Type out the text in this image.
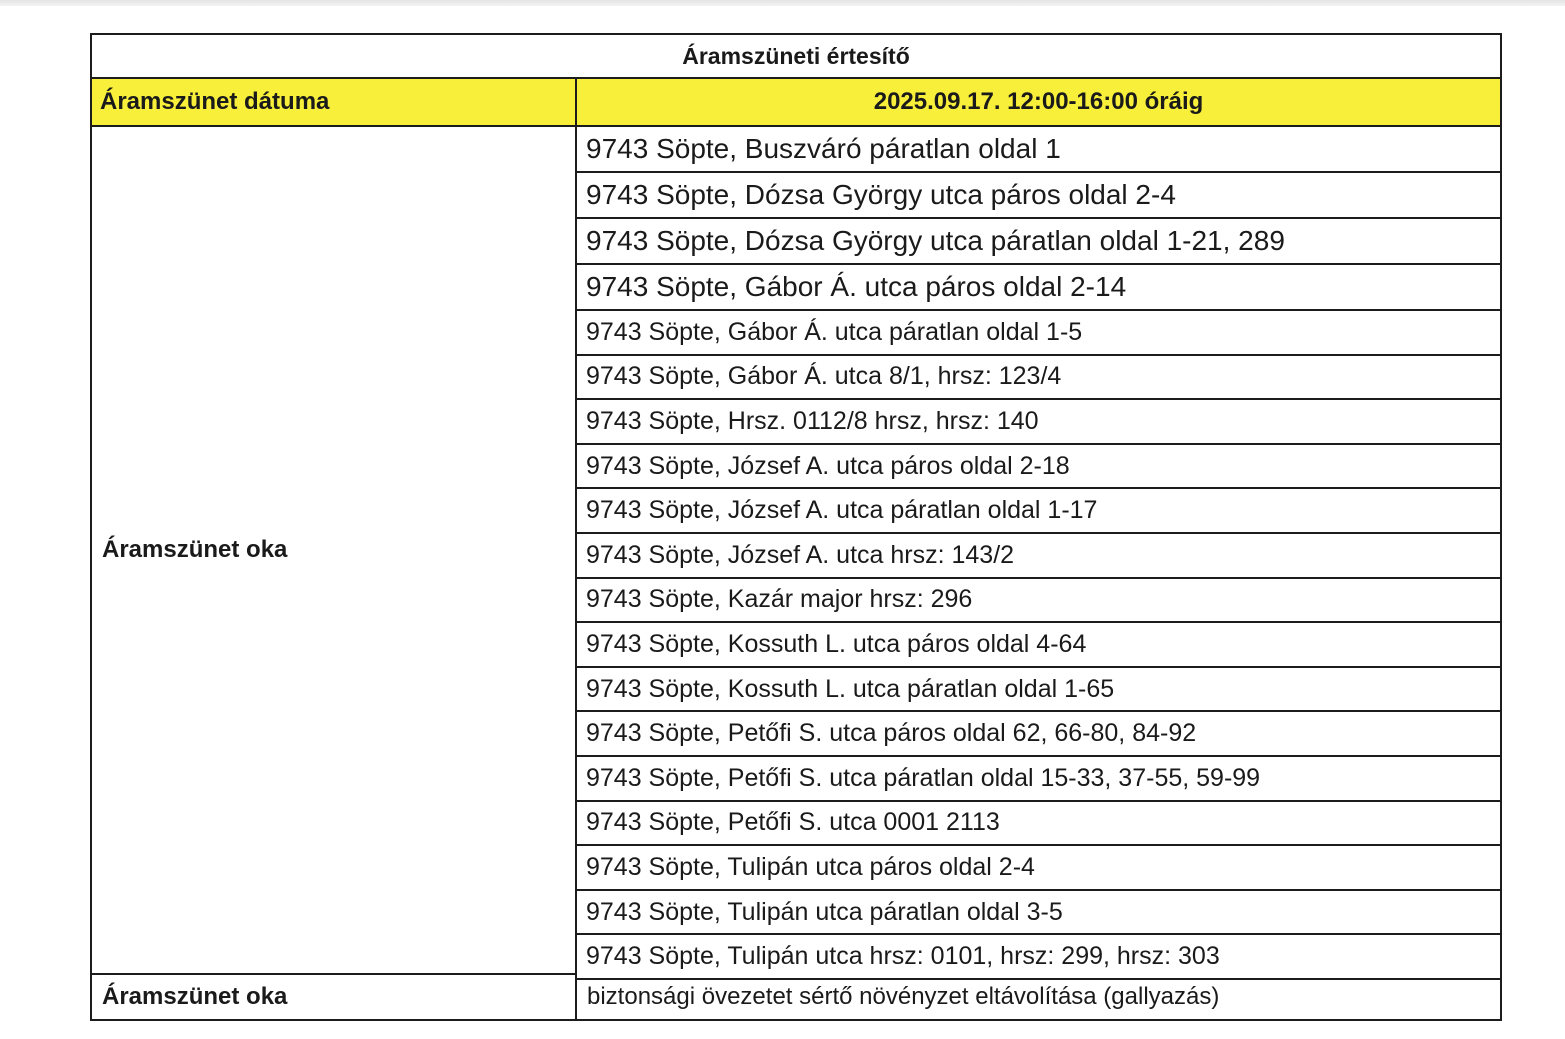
Áramszüneti értesítő
Áramszünet dátuma	2025.09.17. 12:00-16:00 óráig
Áramszünet oka
9743 Söpte, Buszváró páratlan oldal 1
9743 Söpte, Dózsa György utca páros oldal 2-4
9743 Söpte, Dózsa György utca páratlan oldal 1-21, 289
9743 Söpte, Gábor Á. utca páros oldal 2-14
9743 Söpte, Gábor Á. utca páratlan oldal 1-5
9743 Söpte, Gábor Á. utca 8/1, hrsz: 123/4
9743 Söpte, Hrsz. 0112/8 hrsz, hrsz: 140
9743 Söpte, József A. utca páros oldal 2-18
9743 Söpte, József A. utca páratlan oldal 1-17
9743 Söpte, József A. utca hrsz: 143/2
9743 Söpte, Kazár major hrsz: 296
9743 Söpte, Kossuth L. utca páros oldal 4-64
9743 Söpte, Kossuth L. utca páratlan oldal 1-65
9743 Söpte, Petőfi S. utca páros oldal 62, 66-80, 84-92
9743 Söpte, Petőfi S. utca páratlan oldal 15-33, 37-55, 59-99
9743 Söpte, Petőfi S. utca 0001 2113
9743 Söpte, Tulipán utca páros oldal 2-4
9743 Söpte, Tulipán utca páratlan oldal 3-5
9743 Söpte, Tulipán utca hrsz: 0101, hrsz: 299, hrsz: 303
Áramszünet oka	biztonsági övezetet sértő növényzet eltávolítása (gallyazás)
